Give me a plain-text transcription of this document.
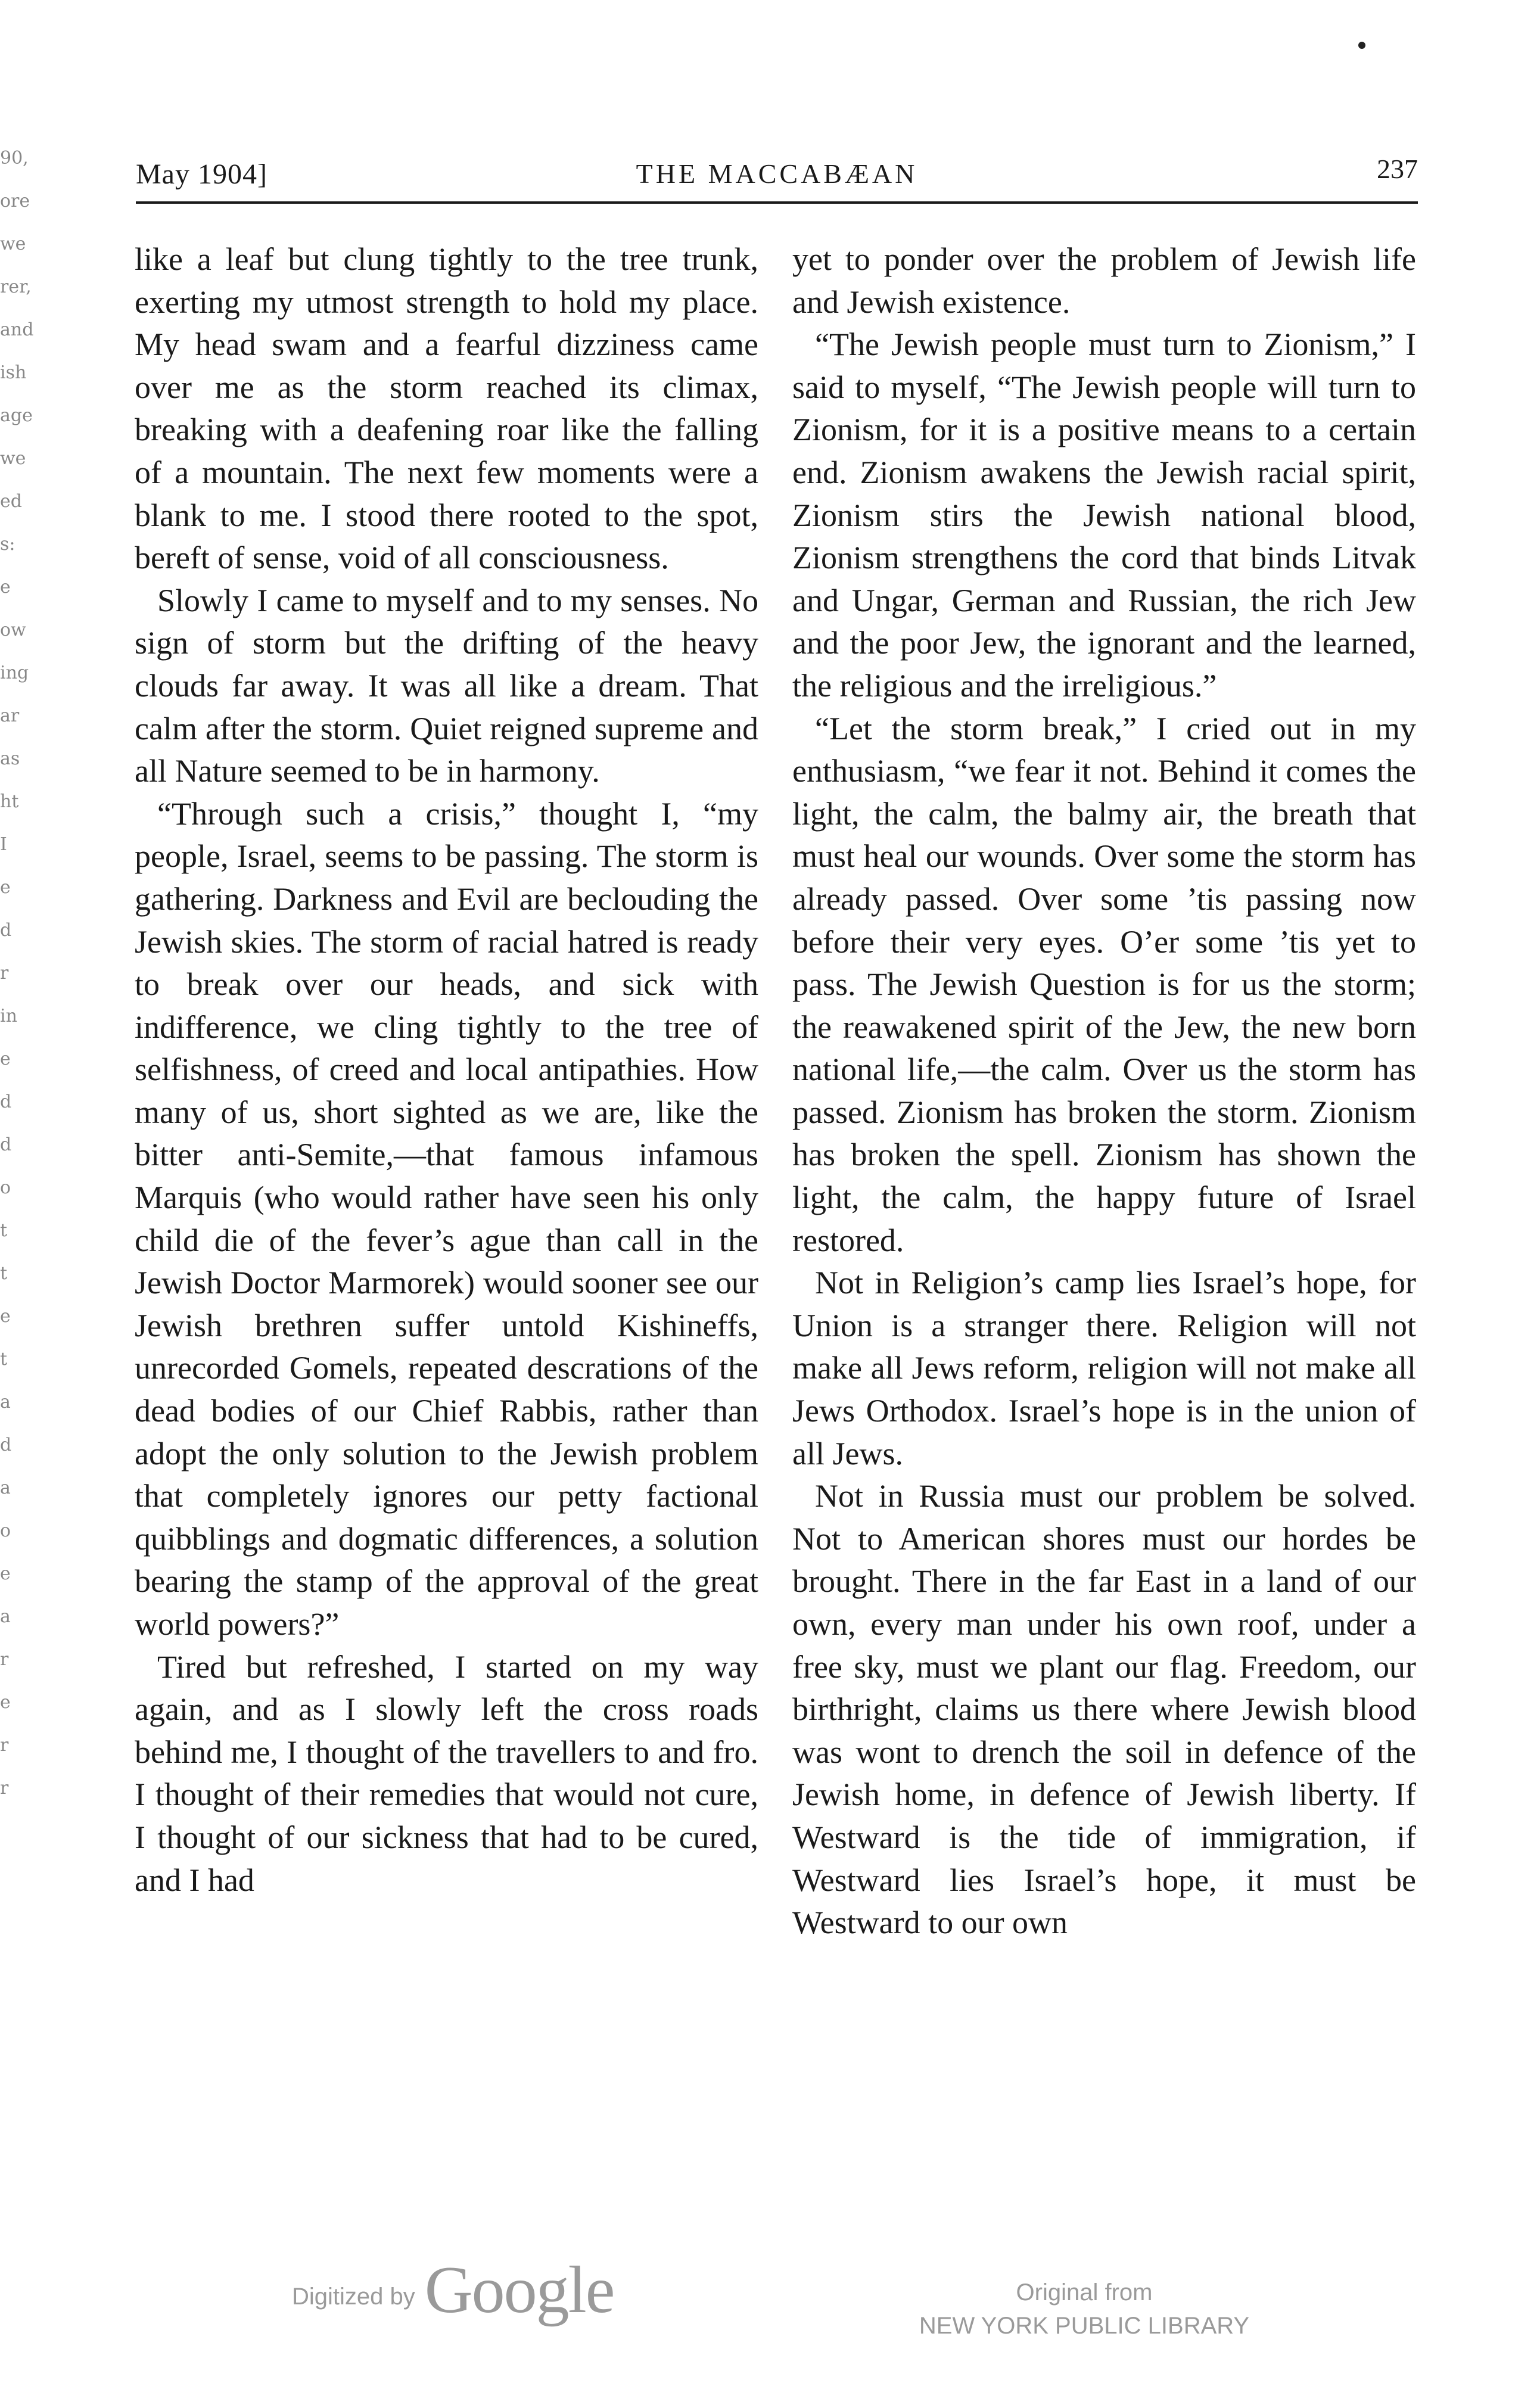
90,
ore
we
rer,
and
ish
age
we
ed
s:
e
ow
ing
ar
as
ht
I
e
d
r
in
e
d
d
o
t
t
e
t
a
d
a
o
e
a
r
e
r
r
THE MACCABÆAN
May 1904]	237

like a leaf but clung tightly to the tree trunk, exerting my utmost strength to hold my place. My head swam and a fearful dizziness came over me as the storm reached its climax, breaking with a deafening roar like the falling of a mountain. The next few moments were a blank to me. I stood there rooted to the spot, bereft of sense, void of all consciousness.

Slowly I came to myself and to my senses. No sign of storm but the drifting of the heavy clouds far away. It was all like a dream. That calm after the storm. Quiet reigned supreme and all Nature seemed to be in harmony.

“Through such a crisis,” thought I, “my people, Israel, seems to be passing. The storm is gathering. Darkness and Evil are beclouding the Jewish skies. The storm of racial hatred is ready to break over our heads, and sick with indifference, we cling tightly to the tree of selfishness, of creed and local antipathies. How many of us, short sighted as we are, like the bitter anti-Semite,—that famous infamous Marquis (who would rather have seen his only child die of the fever’s ague than call in the Jewish Doctor Marmorek) would sooner see our Jewish brethren suffer untold Kishineffs, unrecorded Gomels, repeated descrations of the dead bodies of our Chief Rabbis, rather than adopt the only solution to the Jewish problem that completely ignores our petty factional quibblings and dogmatic differences, a solution bearing the stamp of the approval of the great world powers?”

Tired but refreshed, I started on my way again, and as I slowly left the cross roads behind me, I thought of the travellers to and fro. I thought of their remedies that would not cure, I thought of our sickness that had to be cured, and I had

yet to ponder over the problem of Jewish life and Jewish existence.

“The Jewish people must turn to Zionism,” I said to myself, “The Jewish people will turn to Zionism, for it is a positive means to a certain end. Zionism awakens the Jewish racial spirit, Zionism stirs the Jewish national blood, Zionism strengthens the cord that binds Litvak and Ungar, German and Russian, the rich Jew and the poor Jew, the ignorant and the learned, the religious and the irreligious.”

“Let the storm break,” I cried out in my enthusiasm, “we fear it not. Behind it comes the light, the calm, the balmy air, the breath that must heal our wounds. Over some the storm has already passed. Over some ’tis passing now before their very eyes. O’er some ’tis yet to pass. The Jewish Question is for us the storm; the reawakened spirit of the Jew, the new born national life,—the calm. Over us the storm has passed. Zionism has broken the storm. Zionism has broken the spell. Zionism has shown the light, the calm, the happy future of Israel restored.

Not in Religion’s camp lies Israel’s hope, for Union is a stranger there. Religion will not make all Jews reform, religion will not make all Jews Orthodox. Israel’s hope is in the union of all Jews.

Not in Russia must our problem be solved. Not to American shores must our hordes be brought. There in the far East in a land of our own, every man under his own roof, under a free sky, must we plant our flag. Freedom, our birthright, claims us there where Jewish blood was wont to drench the soil in defence of the Jewish home, in defence of Jewish liberty. If Westward is the tide of immigration, if Westward lies Israel’s hope, it must be Westward to our own

Digitized by Google	Original from
NEW YORK PUBLIC LIBRARY
